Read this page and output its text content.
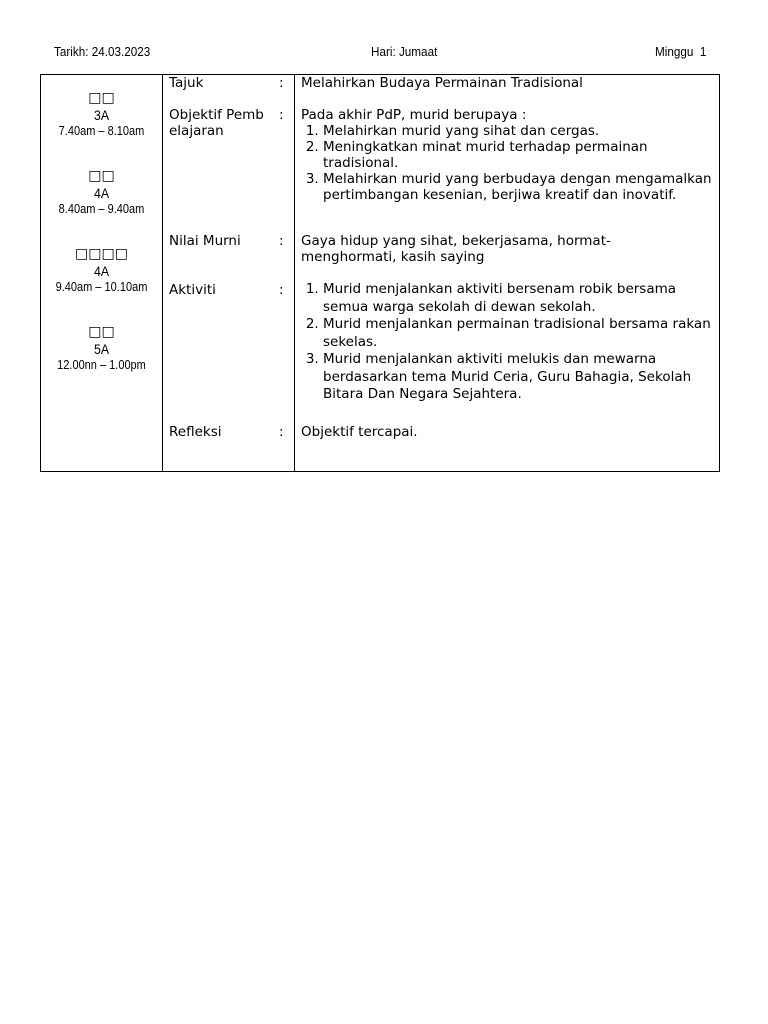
Tarikh: 24.03.2023	Hari: Jumaat	Minggu  1
□□
3A
7.40am – 8.10am
□□
4A
8.40am – 9.40am
□□□□
4A
9.40am – 10.10am
□□
5A
12.00nn – 1.00pm
Tajuk	: Melahirkan Budaya Permainan Tradisional
Objektif Pembelajaran
: Pada akhir PdP, murid berupaya :
1. Melahirkan murid yang sihat dan cergas.
2. Meningkatkan minat murid terhadap permainan tradisional.
3. Melahirkan murid yang berbudaya dengan mengamalkan pertimbangan kesenian, berjiwa kreatif dan inovatif.
Nilai Murni	: Gaya hidup yang sihat, bekerjasama, hormat-menghormati, kasih saying
Aktiviti	:
1.	Murid menjalankan aktiviti bersenam robik bersama semua warga sekolah di dewan sekolah.
2. Murid menjalankan permainan tradisional bersama rakan sekelas.
3. Murid menjalankan aktiviti melukis dan mewarna berdasarkan tema Murid Ceria, Guru Bahagia, Sekolah Bitara Dan Negara Sejahtera.
Refleksi	: Objektif tercapai.
